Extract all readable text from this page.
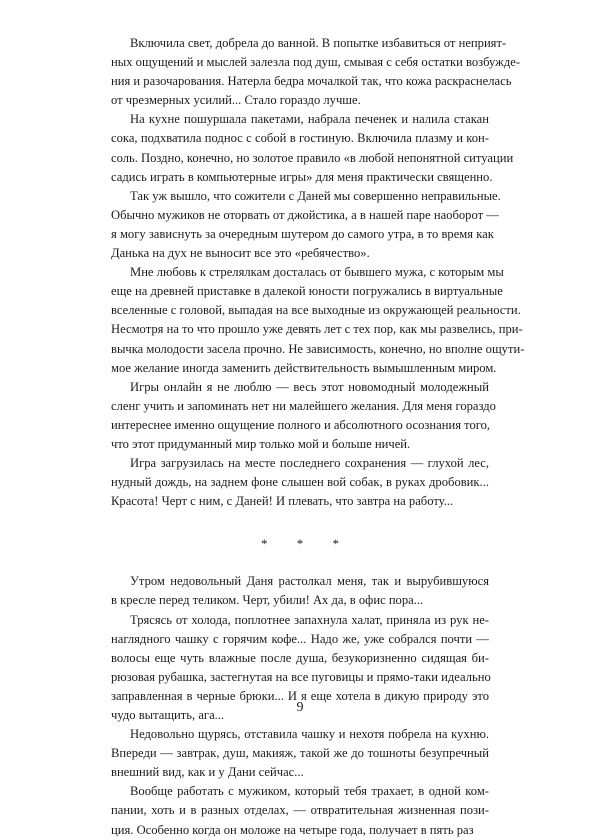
Включила свет, добрела до ванной. В попытке избавиться от неприят-
ных ощущений и мыслей залезла под душ, смывая с себя остатки возбужде-
ния и разочарования. Натерла бедра мочалкой так, что кожа раскраснелась
от чрезмерных усилий... Стало гораздо лучше.
На кухне пошуршала пакетами, набрала печенек и налила стакан
сока, подхватила поднос с собой в гостиную. Включила плазму и кон-
соль. Поздно, конечно, но золотое правило «в любой непонятной ситуации
садись играть в компьютерные игры» для меня практически священно.
Так уж вышло, что сожители с Даней мы совершенно неправильные.
Обычно мужиков не оторвать от джойстика, а в нашей паре наоборот —
я могу зависнуть за очередным шутером до самого утра, в то время как
Данька на дух не выносит все это «ребячество».
Мне любовь к стрелялкам досталась от бывшего мужа, с которым мы
еще на древней приставке в далекой юности погружались в виртуальные
вселенные с головой, выпадая на все выходные из окружающей реальности.
Несмотря на то что прошло уже девять лет с тех пор, как мы развелись, при-
вычка молодости засела прочно. Не зависимость, конечно, но вполне ощути-
мое желание иногда заменить действительность вымышленным миром.
Игры онлайн я не люблю — весь этот новомодный молодежный
сленг учить и запоминать нет ни малейшего желания. Для меня гораздо
интереснее именно ощущение полного и абсолютного осознания того,
что этот придуманный мир только мой и больше ничей.
Игра загрузилась на месте последнего сохранения — глухой лес,
нудный дождь, на заднем фоне слышен вой собак, в руках дробовик...
Красота! Черт с ним, с Даней! И плевать, что завтра на работу...
* * *
Утром недовольный Даня растолкал меня, так и вырубившуюся
в кресле перед теликом. Черт, убили! Ах да, в офис пора...
Трясясь от холода, поплотнее запахнула халат, приняла из рук не-
наглядного чашку с горячим кофе... Надо же, уже собрался почти —
волосы еще чуть влажные после душа, безукоризненно сидящая би-
рюзовая рубашка, застегнутая на все пуговицы и прямо-таки идеально
заправленная в черные брюки... И я еще хотела в дикую природу это
чудо вытащить, ага...
Недовольно щурясь, отставила чашку и нехотя побрела на кухню.
Впереди — завтрак, душ, макияж, такой же до тошноты безупречный
внешний вид, как и у Дани сейчас...
Вообще работать с мужиком, который тебя трахает, в одной ком-
пании, хоть и в разных отделах, — отвратительная жизненная пози-
ция. Особенно когда он моложе на четыре года, получает в пять раз
9
